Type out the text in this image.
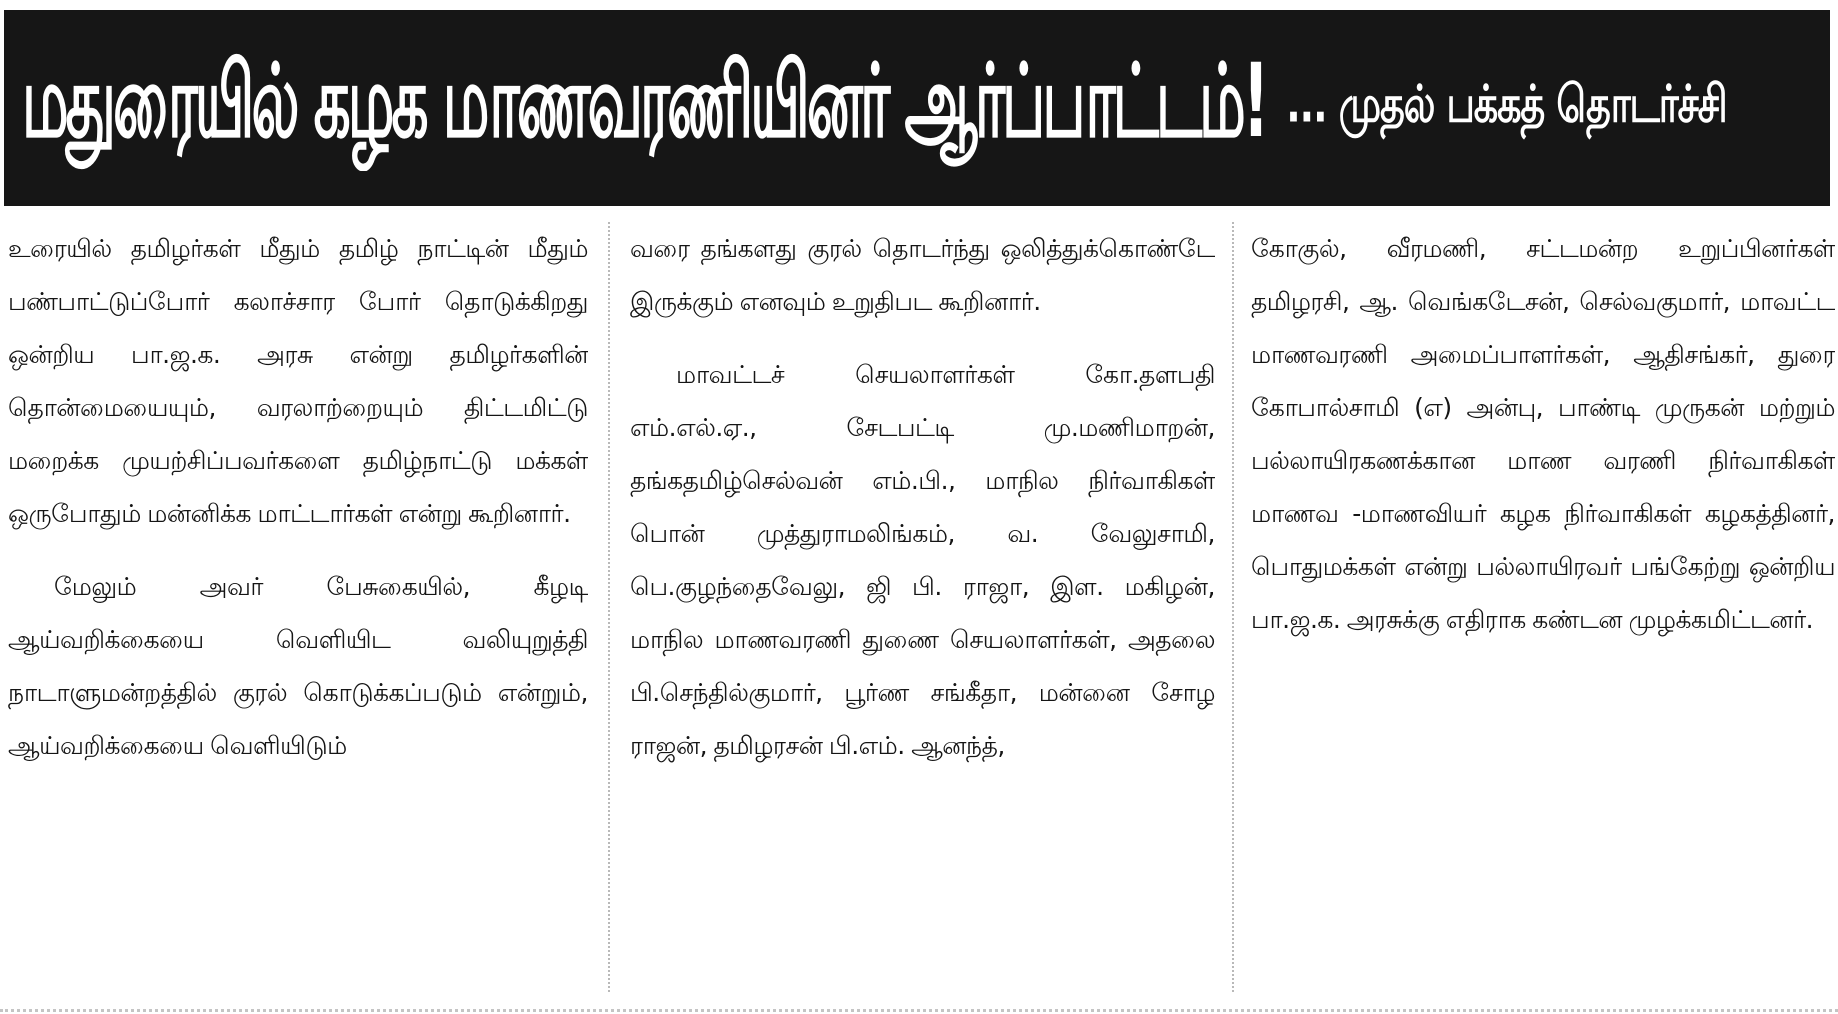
மதுரையில் கழக மாணவரணியினர் ஆர்ப்பாட்டம்! ... முதல் பக்கத் தொடர்ச்சி

உரையில் தமிழர்கள் மீதும் தமிழ் நாட்டின் மீதும் பண்பாட்டுப்போர் கலாச்சார போர் தொடுக்கிறது ஒன்றிய பா.ஜ.க. அரசு என்று தமிழர்களின் தொன்மையையும், வரலாற்றையும் திட்டமிட்டு மறைக்க முயற்சிப்பவர்களை தமிழ்நாட்டு மக்கள் ஒருபோதும் மன்னிக்க மாட்டார்கள் என்று கூறினார்.

மேலும் அவர் பேசுகையில், கீழடி ஆய்வறிக்கையை வெளியிட வலியுறுத்தி நாடாளுமன்றத்தில் குரல் கொடுக்கப்படும் என்றும், ஆய்வறிக்கையை வெளியிடும்

வரை தங்களது குரல் தொடர்ந்து ஒலித்துக்கொண்டே இருக்கும் எனவும் உறுதிபட கூறினார்.

மாவட்டச் செயலாளர்கள் கோ.தளபதி எம்.எல்.ஏ., சேடபட்டி மு.மணிமாறன், தங்கதமிழ்செல்வன் எம்.பி., மாநில நிர்வாகிகள் பொன் முத்துராமலிங்கம், வ. வேலுசாமி, பெ.குழந்தைவேலு, ஜி பி. ராஜா, இள. மகிழன், மாநில மாணவரணி துணை செயலாளர்கள், அதலை பி.செந்தில்குமார், பூர்ண சங்கீதா, மன்னை சோழ ராஜன், தமிழரசன் பி.எம். ஆனந்த்,

கோகுல், வீரமணி, சட்டமன்ற உறுப்பினர்கள் தமிழரசி, ஆ. வெங்கடேசன், செல்வகுமார், மாவட்ட மாணவரணி அமைப்பாளர்கள், ஆதிசங்கர், துரை கோபால்சாமி (எ) அன்பு, பாண்டி முருகன் மற்றும் பல்லாயிரகணக்கான மாண வரணி நிர்வாகிகள் மாணவ -மாணவியர் கழக நிர்வாகிகள் கழகத்தினர், பொதுமக்கள் என்று பல்லாயிரவர் பங்கேற்று ஒன்றிய பா.ஜ.க. அரசுக்கு எதிராக கண்டன முழக்கமிட்டனர்.
